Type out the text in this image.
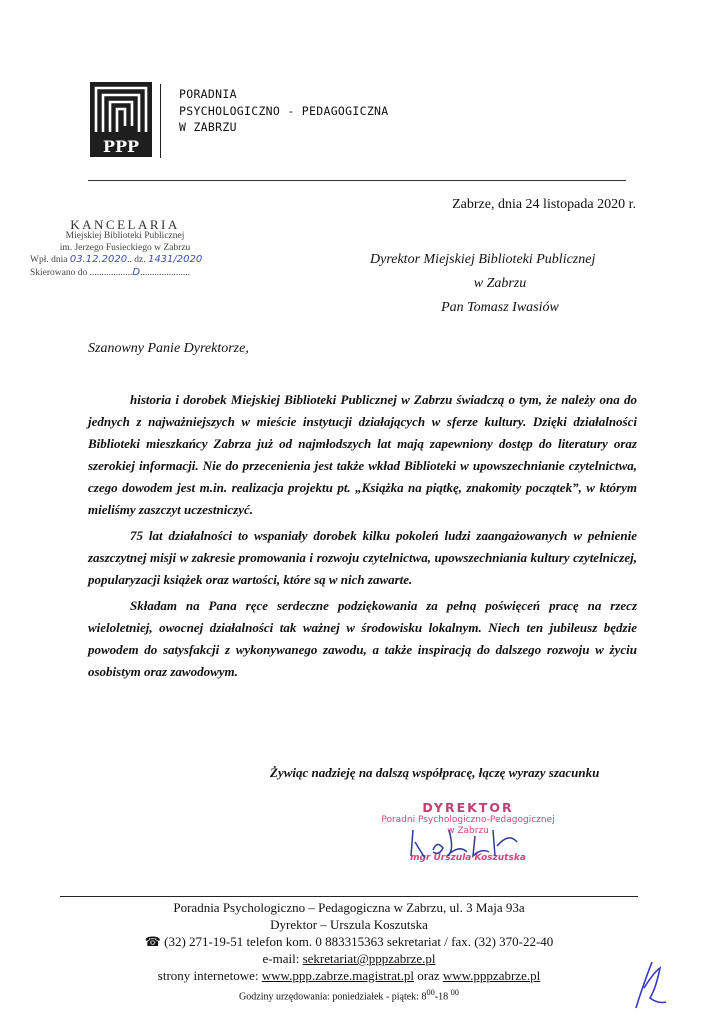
PPP
PORADNIA
PSYCHOLOGICZNO - PEDAGOGICZNA
W ZABRZU
Zabrze, dnia 24 listopada 2020 r.
KANCELARIA
Miejskiej Biblioteki Publicznej
im. Jerzego Fusieckiego w Zabrzu
Wpł. dnia 03.12.2020.. dz. 1431/2020
Skierowano do ..................D.....................
Dyrektor Miejskiej Biblioteki Publicznej
w Zabrzu
Pan Tomasz Iwasiów
Szanowny Panie Dyrektorze,

historia i dorobek Miejskiej Biblioteki Publicznej w Zabrzu świadczą o tym, że należy ona do jednych z najważniejszych w mieście instytucji działających w sferze kultury. Dzięki działalności Biblioteki mieszkańcy Zabrza już od najmłodszych lat mają zapewniony dostęp do literatury oraz szerokiej informacji. Nie do przecenienia jest także wkład Biblioteki w upowszechnianie czytelnictwa, czego dowodem jest m.in. realizacja projektu pt. „Książka na piątkę, znakomity początek”, w którym mieliśmy zaszczyt uczestniczyć.

75 lat działalności to wspaniały dorobek kilku pokoleń ludzi zaangażowanych w pełnienie zaszczytnej misji w zakresie promowania i rozwoju czytelnictwa, upowszechniania kultury czytelniczej, popularyzacji książek oraz wartości, które są w nich zawarte.

Składam na Pana ręce serdeczne podziękowania za pełną poświęceń pracę na rzecz wieloletniej, owocnej działalności tak ważnej w środowisku lokalnym. Niech ten jubileusz będzie powodem do satysfakcji z wykonywanego zawodu, a także inspiracją do dalszego rozwoju w życiu osobistym oraz zawodowym.

Żywiąc nadzieję na dalszą współpracę, łączę wyrazy szacunku
DYREKTOR
Poradni Psychologiczno-Pedagogicznej
w Zabrzu
mgr Urszula Koszutska
Poradnia Psychologiczno – Pedagogiczna w Zabrzu, ul. 3 Maja 93a
Dyrektor – Urszula Koszutska
☎ (32) 271-19-51 telefon kom. 0 883315363 sekretariat / fax. (32) 370-22-40
e-mail: sekretariat@pppzabrze.pl
strony internetowe: www.ppp.zabrze.magistrat.pl oraz www.pppzabrze.pl
Godziny urzędowania: poniedziałek - piątek: $8^{00}-18$ $^{00}$
